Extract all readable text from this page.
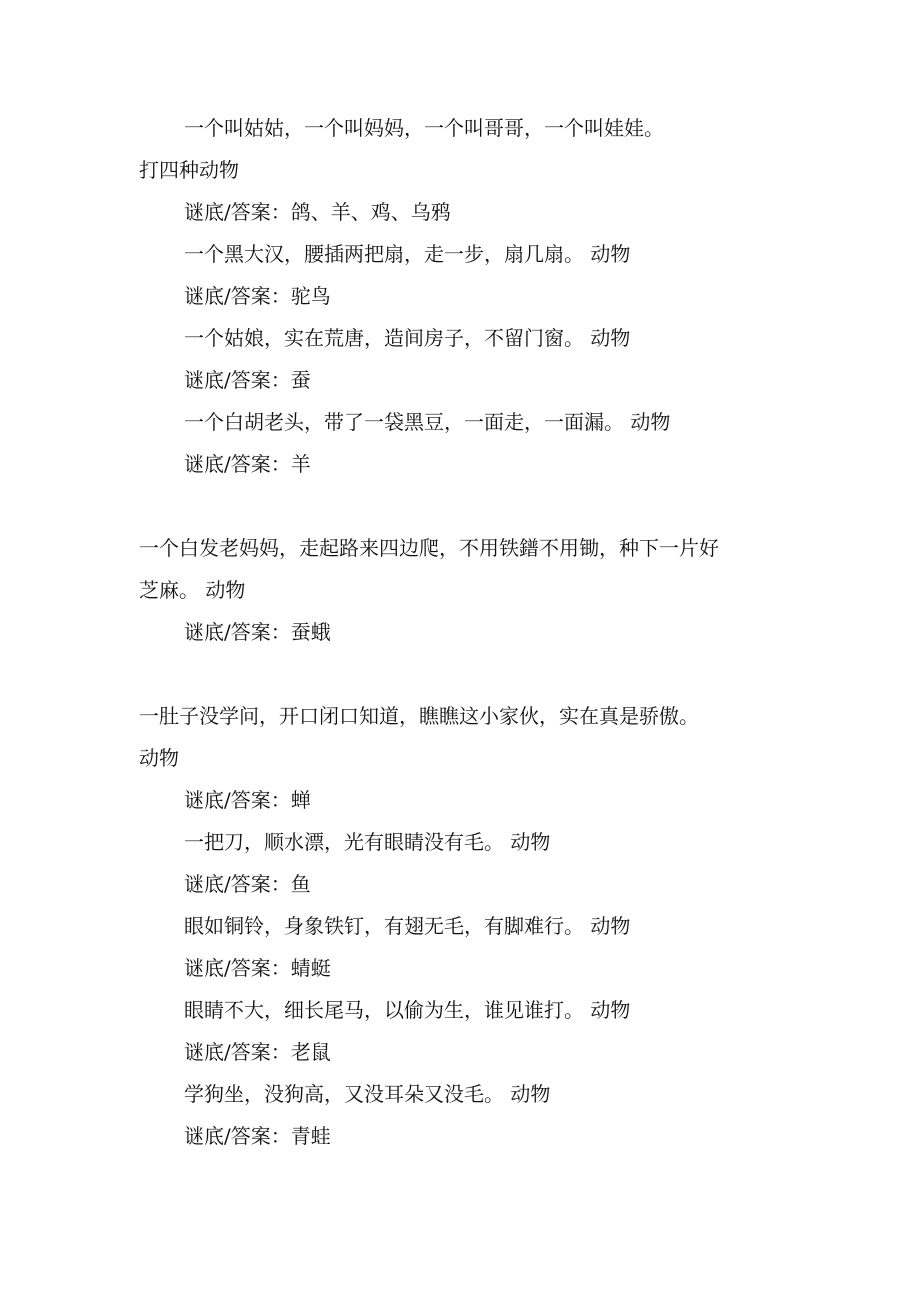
一个叫姑姑，一个叫妈妈，一个叫哥哥，一个叫娃娃。
打四种动物
谜底/答案：鸽、羊、鸡、乌鸦
一个黑大汉，腰插两把扇，走一步，扇几扇。 动物
谜底/答案：驼鸟
一个姑娘，实在荒唐，造间房子，不留门窗。 动物
谜底/答案：蚕
一个白胡老头，带了一袋黑豆，一面走，一面漏。 动物
谜底/答案：羊
一个白发老妈妈，走起路来四边爬，不用铁鐠不用锄，种下一片好
芝麻。 动物
谜底/答案：蚕蛾
一肚子没学问，开口闭口知道，瞧瞧这小家伙，实在真是骄傲。
动物
谜底/答案：蝉
一把刀，顺水漂，光有眼睛没有毛。 动物
谜底/答案：鱼
眼如铜铃，身象铁钉，有翅无毛，有脚难行。 动物
谜底/答案：蜻蜓
眼睛不大，细长尾马，以偷为生，谁见谁打。 动物
谜底/答案：老鼠
学狗坐，没狗高，又没耳朵又没毛。 动物
谜底/答案：青蛙
